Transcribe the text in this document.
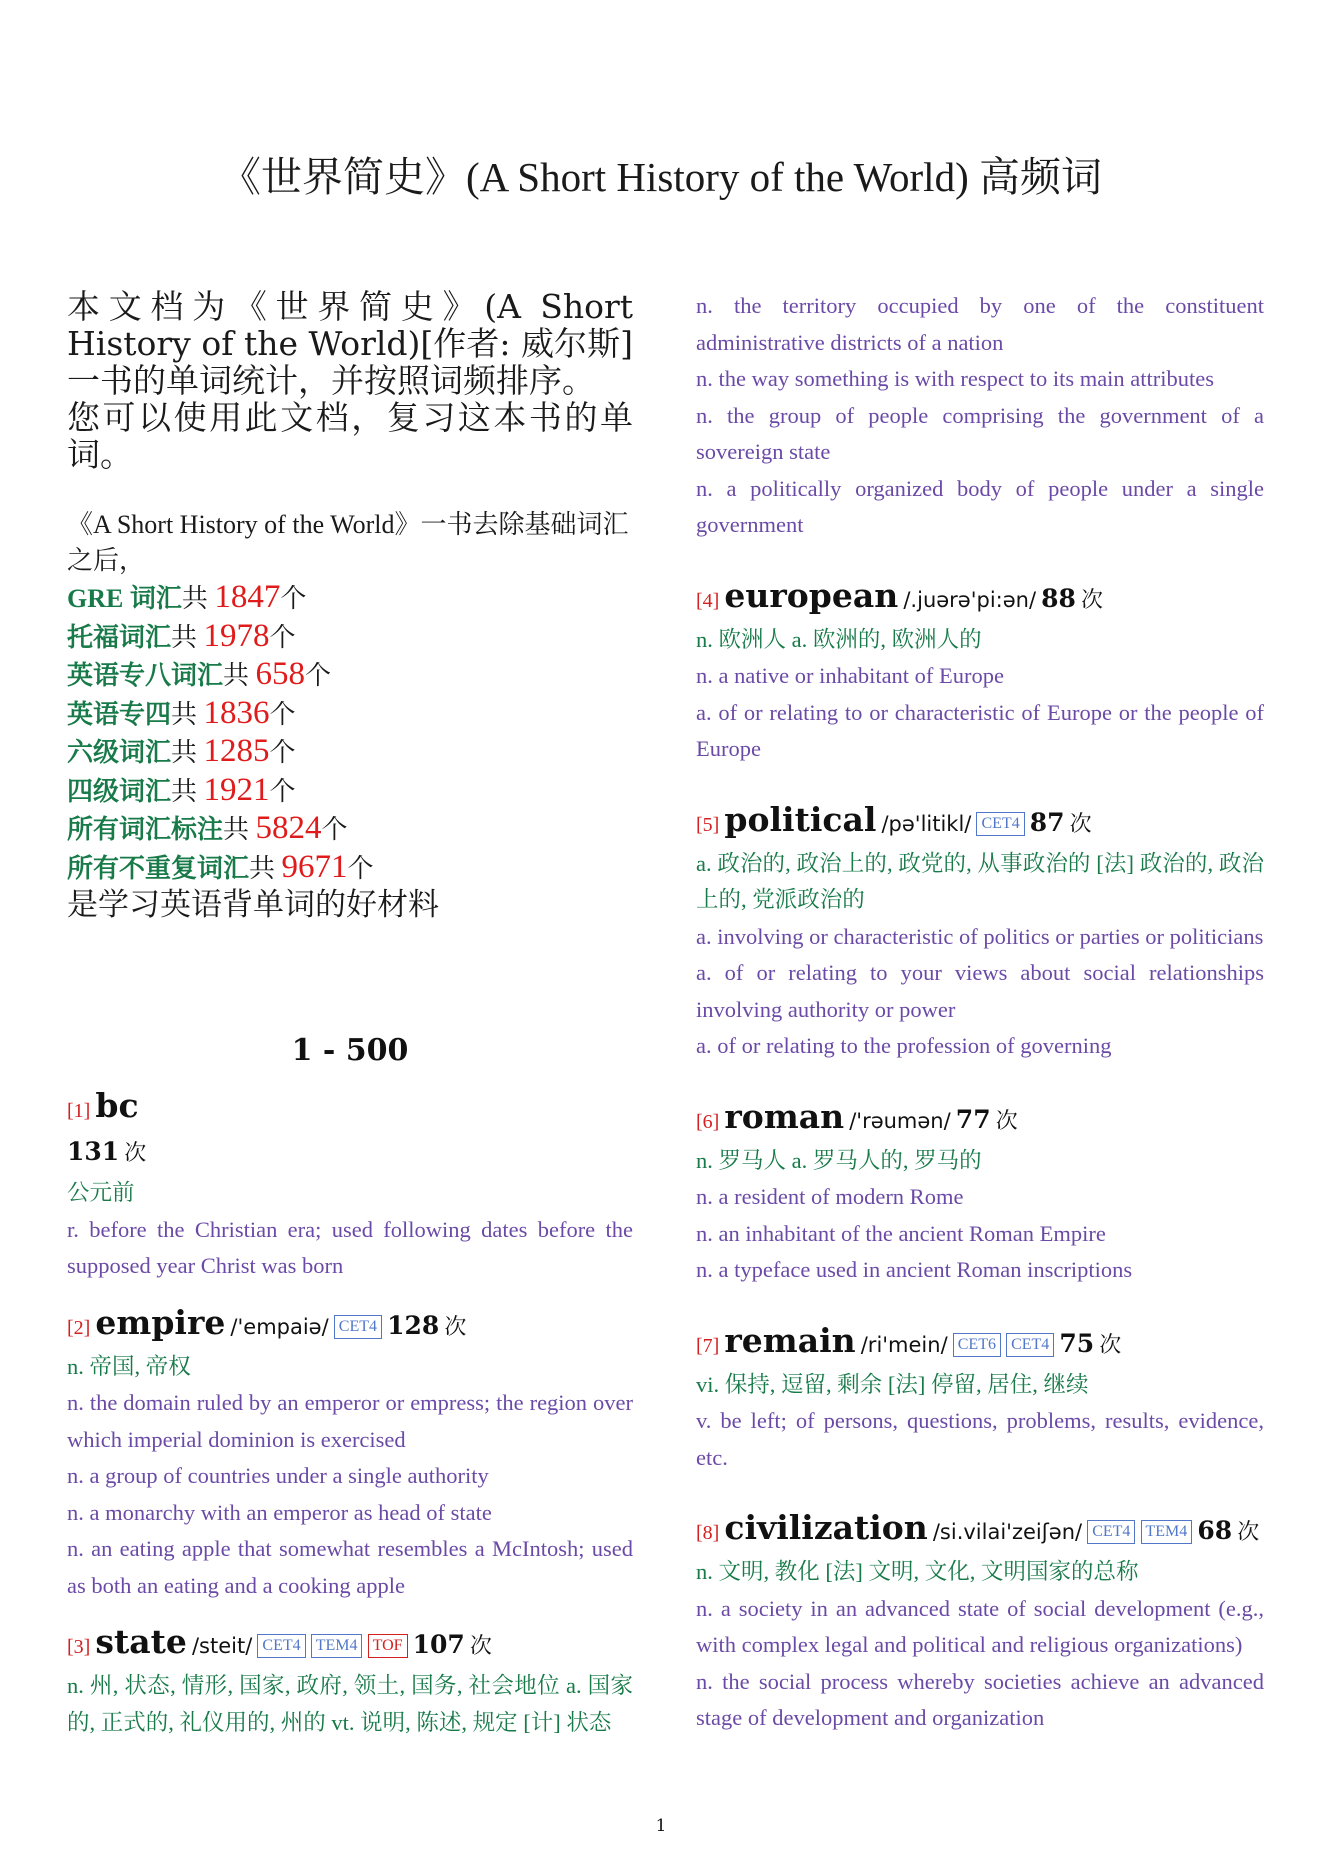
《世界简史》(A Short History of the World) 高频词
本文档为《世界简史》(A Short History of the World)[作者: 威尔斯] 一书的单词统计，并按照词频排序。
您可以使用此文档，复习这本书的单词。
《A Short History of the World》一书去除基础词汇之后，
GRE 词汇共 1847个
托福词汇共 1978个
英语专八词汇共 658个
英语专四共 1836个
六级词汇共 1285个
四级词汇共 1921个
所有词汇标注共 5824个
所有不重复词汇共 9671个
是学习英语背单词的好材料
1 - 500
[1] bc
131 次
公元前
r. before the Christian era; used following dates before the supposed year Christ was born
[2] empire /'empaiə/ CET4 128 次
n. 帝国, 帝权
n. the domain ruled by an emperor or empress; the region over which imperial dominion is exercised
n. a group of countries under a single authority
n. a monarchy with an emperor as head of state
n. an eating apple that somewhat resembles a McIntosh; used as both an eating and a cooking apple
[3] state /steit/ CET4 TEM4 TOF 107 次
n. 州, 状态, 情形, 国家, 政府, 领土, 国务, 社会地位 a. 国家的, 正式的, 礼仪用的, 州的 vt. 说明, 陈述, 规定 [计] 状态
n. the territory occupied by one of the constituent administrative districts of a nation
n. the way something is with respect to its main attributes
n. the group of people comprising the government of a sovereign state
n. a politically organized body of people under a single government
[4] european /.juərə'pi:ən/ 88 次
n. 欧洲人 a. 欧洲的, 欧洲人的
n. a native or inhabitant of Europe
a. of or relating to or characteristic of Europe or the people of Europe
[5] political /pə'litikl/ CET4 87 次
a. 政治的, 政治上的, 政党的, 从事政治的 [法] 政治的, 政治上的, 党派政治的
a. involving or characteristic of politics or parties or politicians
a. of or relating to your views about social relationships involving authority or power
a. of or relating to the profession of governing
[6] roman /'rəumən/ 77 次
n. 罗马人 a. 罗马人的, 罗马的
n. a resident of modern Rome
n. an inhabitant of the ancient Roman Empire
n. a typeface used in ancient Roman inscriptions
[7] remain /ri'mein/ CET6 CET4 75 次
vi. 保持, 逗留, 剩余 [法] 停留, 居住, 继续
v. be left; of persons, questions, problems, results, evidence, etc.
[8] civilization /si.vilai'zeiʃən/ CET4 TEM4 68 次
n. 文明, 教化 [法] 文明, 文化, 文明国家的总称
n. a society in an advanced state of social development (e.g., with complex legal and political and religious organizations)
n. the social process whereby societies achieve an advanced stage of development and organization
1
